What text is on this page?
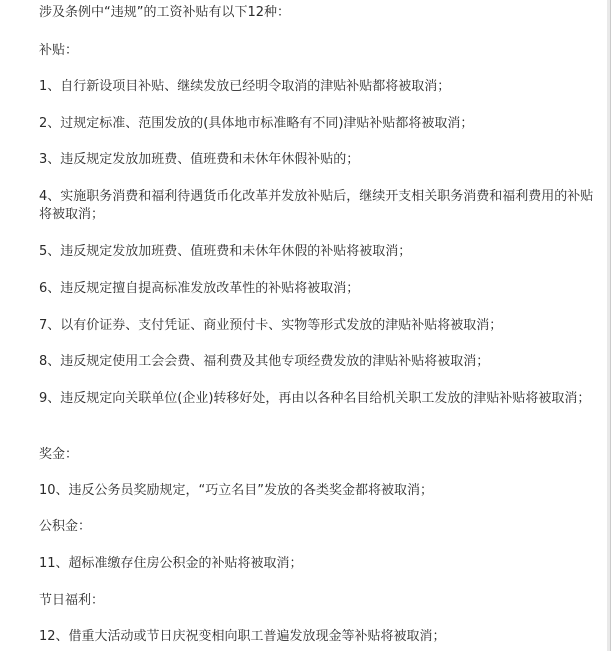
涉及条例中“违规”的工资补贴有以下12种：
补贴：
1、自行新设项目补贴、继续发放已经明令取消的津贴补贴都将被取消；
2、过规定标准、范围发放的(具体地市标准略有不同)津贴补贴都将被取消；
3、违反规定发放加班费、值班费和未休年休假补贴的；
4、实施职务消费和福利待遇货币化改革并发放补贴后，继续开支相关职务消费和福利费用的补贴将被取消；
5、违反规定发放加班费、值班费和未休年休假的补贴将被取消；
6、违反规定擅自提高标准发放改革性的补贴将被取消；
7、以有价证券、支付凭证、商业预付卡、实物等形式发放的津贴补贴将被取消；
8、违反规定使用工会会费、福利费及其他专项经费发放的津贴补贴将被取消；
9、违反规定向关联单位(企业)转移好处，再由以各种名目给机关职工发放的津贴补贴将被取消；
奖金：
10、违反公务员奖励规定，“巧立名目”发放的各类奖金都将被取消；
公积金：
11、超标准缴存住房公积金的补贴将被取消；
节日福利：
12、借重大活动或节日庆祝变相向职工普遍发放现金等补贴将被取消；
